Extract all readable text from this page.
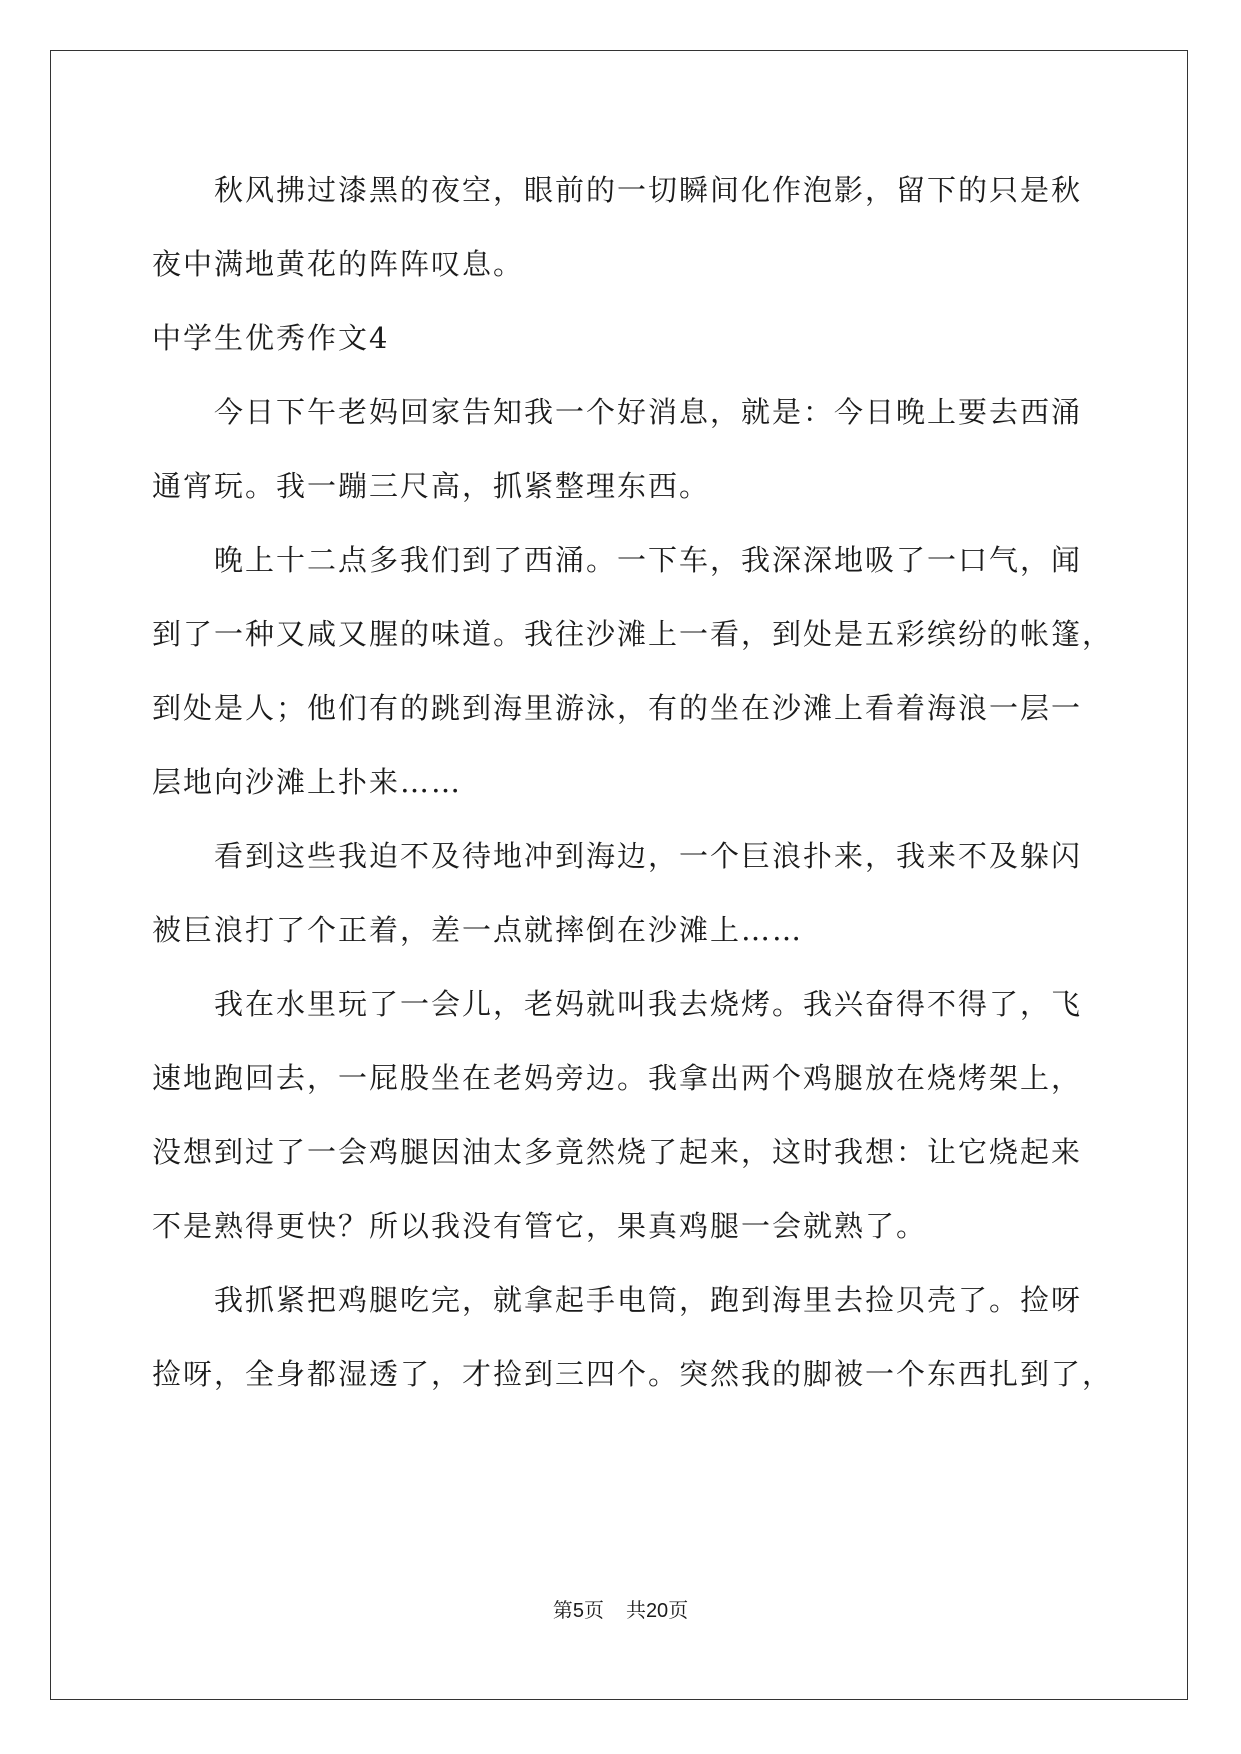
秋风拂过漆黑的夜空，眼前的一切瞬间化作泡影，留下的只是秋
夜中满地黄花的阵阵叹息。
中学生优秀作文4
今日下午老妈回家告知我一个好消息，就是：今日晚上要去西涌
通宵玩。我一蹦三尺高，抓紧整理东西。
晚上十二点多我们到了西涌。一下车，我深深地吸了一口气，闻
到了一种又咸又腥的味道。我往沙滩上一看，到处是五彩缤纷的帐篷，
到处是人；他们有的跳到海里游泳，有的坐在沙滩上看着海浪一层一
层地向沙滩上扑来……
看到这些我迫不及待地冲到海边，一个巨浪扑来，我来不及躲闪
被巨浪打了个正着，差一点就摔倒在沙滩上……
我在水里玩了一会儿，老妈就叫我去烧烤。我兴奋得不得了，飞
速地跑回去，一屁股坐在老妈旁边。我拿出两个鸡腿放在烧烤架上，
没想到过了一会鸡腿因油太多竟然烧了起来，这时我想：让它烧起来
不是熟得更快？所以我没有管它，果真鸡腿一会就熟了。
我抓紧把鸡腿吃完，就拿起手电筒，跑到海里去捡贝壳了。捡呀
捡呀，全身都湿透了，才捡到三四个。突然我的脚被一个东西扎到了，
第5页 共20页
